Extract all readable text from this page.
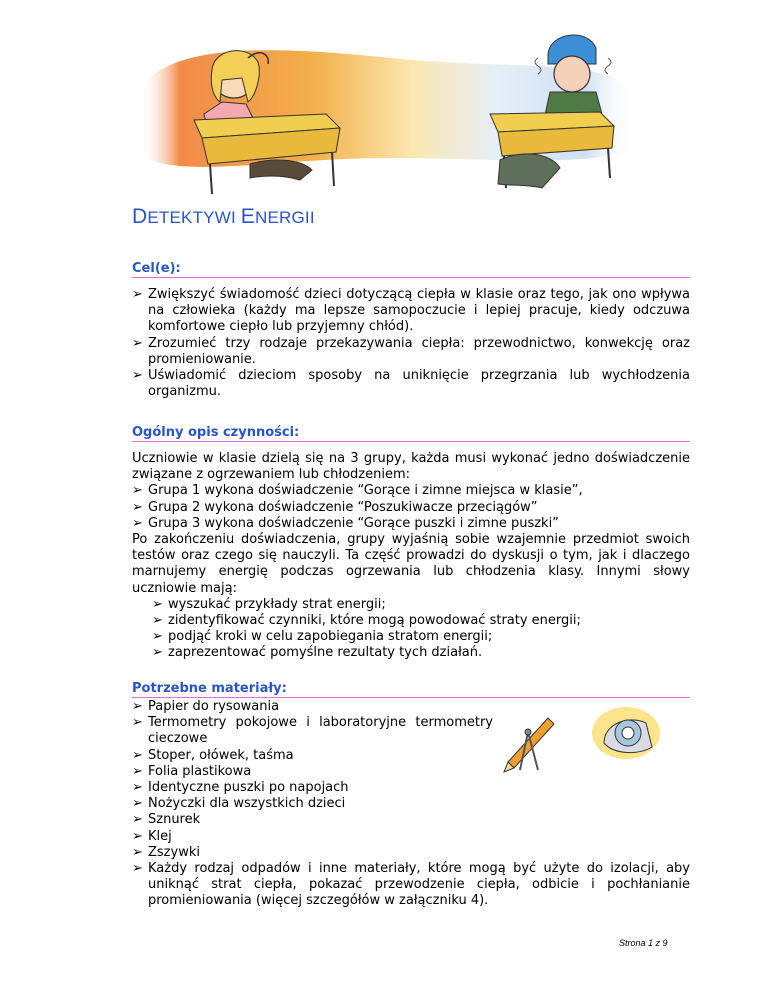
DETEKTYWI ENERGII
Cel(e):
➢ Zwiększyć świadomość dzieci dotyczącą ciepła w klasie oraz tego, jak ono wpływa na człowieka (każdy ma lepsze samopoczucie i lepiej pracuje, kiedy odczuwa komfortowe ciepło lub przyjemny chłód).
➢ Zrozumieć trzy rodzaje przekazywania ciepła: przewodnictwo, konwekcję oraz promieniowanie.
➢ Uświadomić dzieciom sposoby na uniknięcie przegrzania lub wychłodzenia organizmu.
Ogólny opis czynności:
Uczniowie w klasie dzielą się na 3 grupy, każda musi wykonać jedno doświadczenie związane z ogrzewaniem lub chłodzeniem:
➢ Grupa 1 wykona doświadczenie “Gorące i zimne miejsca w klasie”,
➢ Grupa 2 wykona doświadczenie “Poszukiwacze przeciągów”
➢ Grupa 3 wykona doświadczenie “Gorące puszki i zimne puszki”
Po zakończeniu doświadczenia, grupy wyjaśnią sobie wzajemnie przedmiot swoich testów oraz czego się nauczyli. Ta część prowadzi do dyskusji o tym, jak i dlaczego marnujemy energię podczas ogrzewania lub chłodzenia klasy. Innymi słowy uczniowie mają:
➢ wyszukać przykłady strat energii;
➢ zidentyfikować czynniki, które mogą powodować straty energii;
➢ podjąć kroki w celu zapobiegania stratom energii;
➢ zaprezentować pomyślne rezultaty tych działań.
Potrzebne materiały:
➢ Papier do rysowania
➢ Termometry pokojowe i laboratoryjne termometry cieczowe
➢ Stoper, ołówek, taśma
➢ Folia plastikowa
➢ Identyczne puszki po napojach
➢ Nożyczki dla wszystkich dzieci
➢ Sznurek
➢ Klej
➢ Zszywki
➢ Każdy rodzaj odpadów i inne materiały, które mogą być użyte do izolacji, aby uniknąć strat ciepła, pokazać przewodzenie ciepła, odbicie i pochłanianie promieniowania (więcej szczegółów w załączniku 4).
Strona 1 z 9
